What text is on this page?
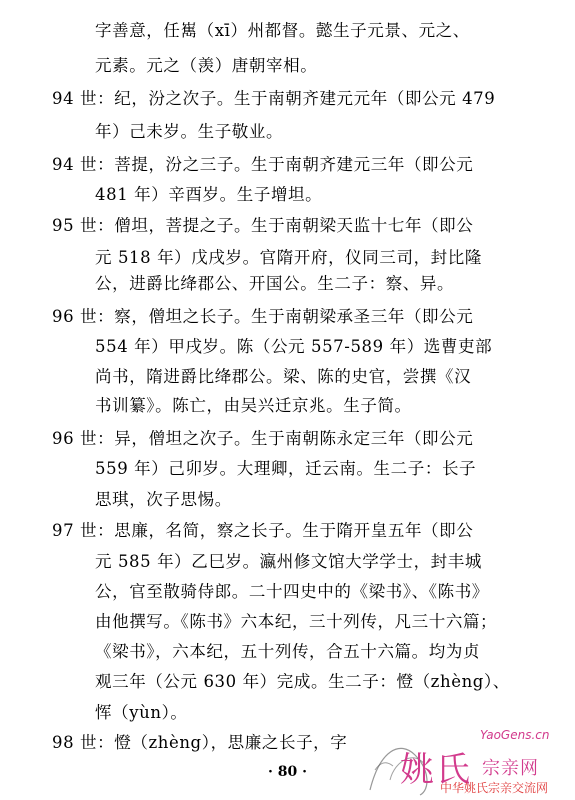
字善意，任嶲（xī）州都督。懿生子元景、元之、
元素。元之（羡）唐朝宰相。
94 世：纪，汾之次子。生于南朝齐建元元年（即公元 479
年）己未岁。生子敬业。
94 世：菩提，汾之三子。生于南朝齐建元三年（即公元
481 年）辛酉岁。生子增坦。
95 世：僧坦，菩提之子。生于南朝梁天监十七年（即公
元 518 年）戊戌岁。官隋开府，仪同三司，封比隆
公，进爵比绛郡公、开国公。生二子：察、异。
96 世：察，僧坦之长子。生于南朝梁承圣三年（即公元
554 年）甲戌岁。陈（公元 557-589 年）选曹吏部
尚书，隋进爵比绛郡公。梁、陈的史官，尝撰《汉
书训纂》。陈亡，由吴兴迁京兆。生子简。
96 世：异，僧坦之次子。生于南朝陈永定三年（即公元
559 年）己卯岁。大理卿，迁云南。生二子：长子
思琪，次子思惕。
97 世：思廉，名简，察之长子。生于隋开皇五年（即公
元 585 年）乙巳岁。瀛州修文馆大学学士，封丰城
公，官至散骑侍郎。二十四史中的《梁书》、《陈书》
由他撰写。《陈书》六本纪，三十列传，凡三十六篇；
《梁书》，六本纪，五十列传，合五十六篇。均为贞
观三年（公元 630 年）完成。生二子：憕（zhèng）、
恽（yùn）。
98 世：憕（zhèng），思廉之长子，字
· 80 ·
YaoGens.cn
姚氏 宗亲网
中华姚氏宗亲交流网
